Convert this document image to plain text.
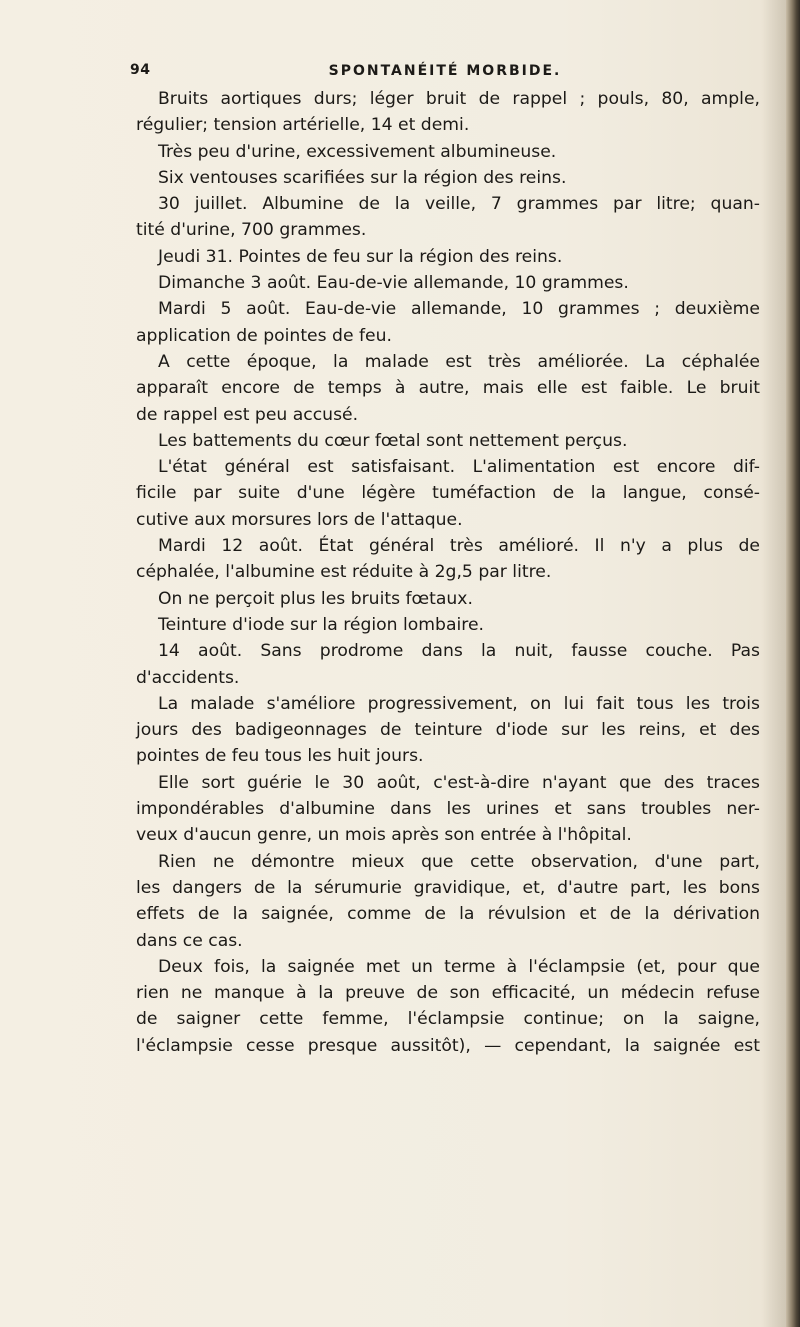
94	SPONTANÉITÉ MORBIDE.
Bruits aortiques durs; léger bruit de rappel ; pouls, 80, ample,
régulier; tension artérielle, 14 et demi.
Très peu d'urine, excessivement albumineuse.
Six ventouses scarifiées sur la région des reins.
30 juillet. Albumine de la veille, 7 grammes par litre; quan-
tité d'urine, 700 grammes.
Jeudi 31. Pointes de feu sur la région des reins.
Dimanche 3 août. Eau-de-vie allemande, 10 grammes.
Mardi 5 août. Eau-de-vie allemande, 10 grammes ; deuxième
application de pointes de feu.
A cette époque, la malade est très améliorée. La céphalée
apparaît encore de temps à autre, mais elle est faible. Le bruit
de rappel est peu accusé.
Les battements du cœur fœtal sont nettement perçus.
L'état général est satisfaisant. L'alimentation est encore dif-
ficile par suite d'une légère tuméfaction de la langue, consé-
cutive aux morsures lors de l'attaque.
Mardi 12 août. État général très amélioré. Il n'y a plus de
céphalée, l'albumine est réduite à 2g,5 par litre.
On ne perçoit plus les bruits fœtaux.
Teinture d'iode sur la région lombaire.
14 août. Sans prodrome dans la nuit, fausse couche. Pas
d'accidents.
La malade s'améliore progressivement, on lui fait tous les trois
jours des badigeonnages de teinture d'iode sur les reins, et des
pointes de feu tous les huit jours.
Elle sort guérie le 30 août, c'est-à-dire n'ayant que des traces
impondérables d'albumine dans les urines et sans troubles ner-
veux d'aucun genre, un mois après son entrée à l'hôpital.
Rien ne démontre mieux que cette observation, d'une part,
les dangers de la sérumurie gravidique, et, d'autre part, les bons
effets de la saignée, comme de la révulsion et de la dérivation
dans ce cas.
Deux fois, la saignée met un terme à l'éclampsie (et, pour que
rien ne manque à la preuve de son efficacité, un médecin refuse
de saigner cette femme, l'éclampsie continue; on la saigne,
l'éclampsie cesse presque aussitôt), — cependant, la saignée est
